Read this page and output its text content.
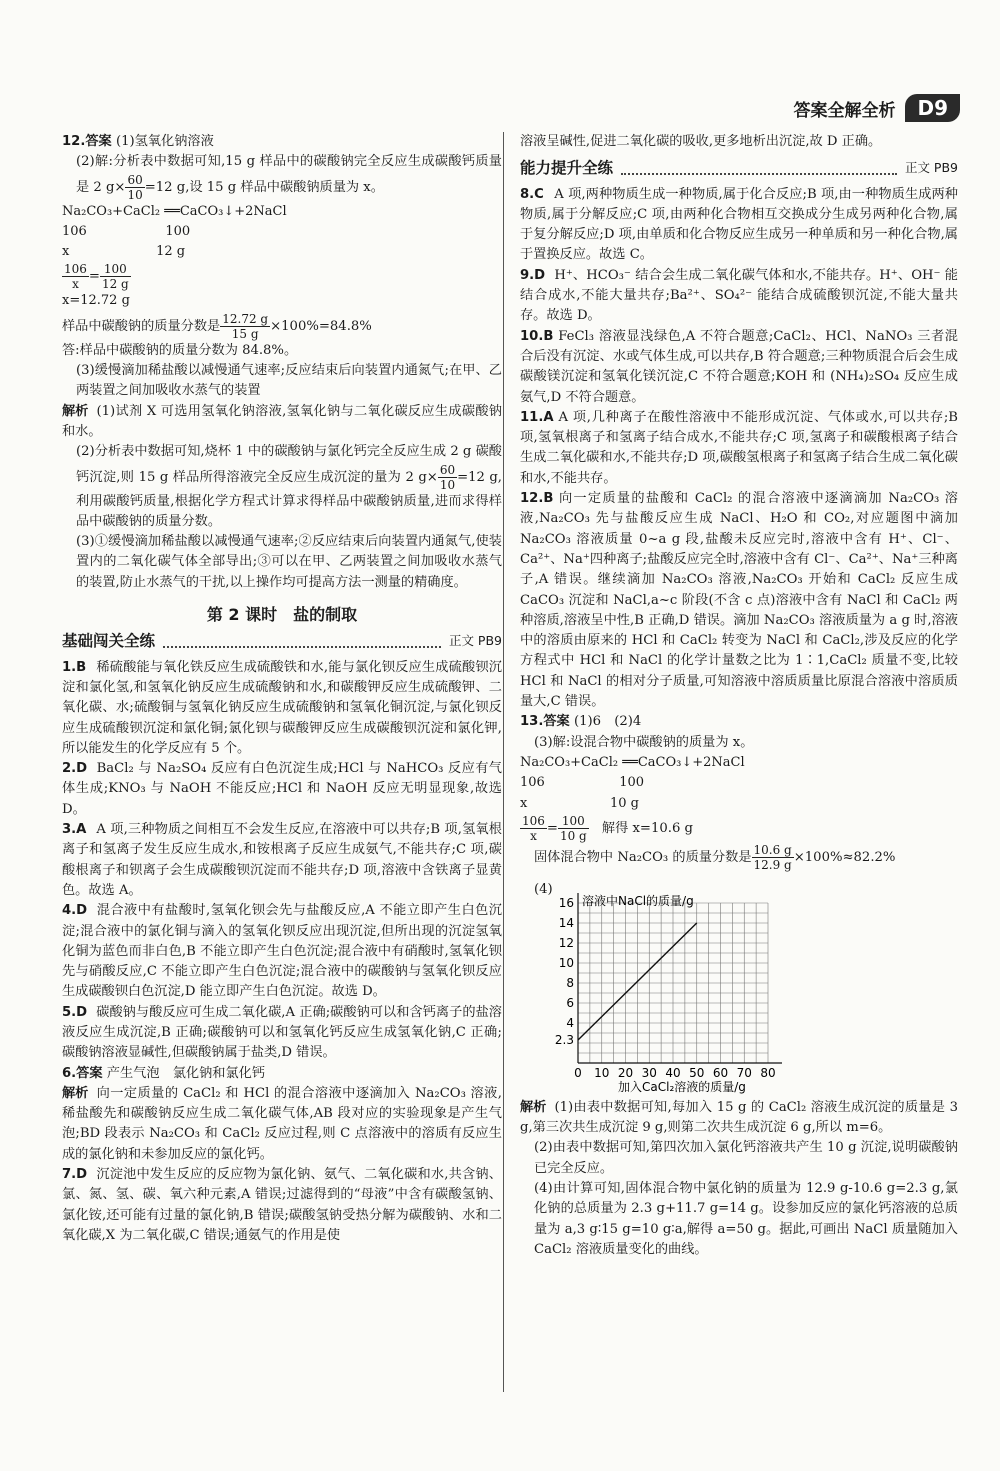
答案全解全析	D9

12.答案 (1)氢氧化钠溶液

(2)解:分析表中数据可知,15 g 样品中的碳酸钠完全反应生成碳酸钙质量是 2 $g\times \frac{60}{10} =12$ g,设 15 g 样品中碳酸钠质量为 x。

Na₂CO₃+CaCl₂ ══CaCO₃↓+2NaCl
106                   100
x                     12 g
$\frac{106}{x} = \frac{100}{12 g}$
x=12.72 g

样品中碳酸钠的质量分数是 $\frac{12.72 g}{15 g} \times 100\%=84.8\%$

答:样品中碳酸钠的质量分数为 84.8%。

(3)缓慢滴加稀盐酸以减慢通气速率;反应结束后向装置内通氮气;在甲、乙两装置之间加吸收水蒸气的装置

解析 (1)试剂 X 可选用氢氧化钠溶液,氢氧化钠与二氧化碳反应生成碳酸钠和水。

(2)分析表中数据可知,烧杯 1 中的碳酸钠与氯化钙完全反应生成 2 g 碳酸钙沉淀,则 15 g 样品所得溶液完全反应生成沉淀的量为 2 $g\times \frac{60}{10} =12$ g,利用碳酸钙质量,根据化学方程式计算求得样品中碳酸钠质量,进而求得样品中碳酸钠的质量分数。

(3)①缓慢滴加稀盐酸以减慢通气速率;②反应结束后向装置内通氮气,使装置内的二氧化碳气体全部导出;③可以在甲、乙两装置之间加吸收水蒸气的装置,防止水蒸气的干扰,以上操作均可提高方法一测量的精确度。

第 2 课时　盐的制取
基础闯关全练	正文 PB9

1.B 稀硫酸能与氧化铁反应生成硫酸铁和水,能与氯化钡反应生成硫酸钡沉淀和氯化氢,和氢氧化钠反应生成硫酸钠和水,和碳酸钾反应生成硫酸钾、二氧化碳、水;硫酸铜与氢氧化钠反应生成硫酸钠和氢氧化铜沉淀,与氯化钡反应生成硫酸钡沉淀和氯化铜;氯化钡与碳酸钾反应生成碳酸钡沉淀和氯化钾,所以能发生的化学反应有 5 个。

2.D BaCl₂ 与 Na₂SO₄ 反应有白色沉淀生成;HCl 与 NaHCO₃ 反应有气体生成;KNO₃ 与 NaOH 不能反应;HCl 和 NaOH 反应无明显现象,故选 D。

3.A A 项,三种物质之间相互不会发生反应,在溶液中可以共存;B 项,氢氧根离子和氢离子发生反应生成水,和铵根离子反应生成氨气,不能共存;C 项,碳酸根离子和钡离子会生成碳酸钡沉淀而不能共存;D 项,溶液中含铁离子显黄色。故选 A。

4.D 混合液中有盐酸时,氢氧化钡会先与盐酸反应,A 不能立即产生白色沉淀;混合液中的氯化铜与滴入的氢氧化钡反应出现沉淀,但所出现的沉淀氢氧化铜为蓝色而非白色,B 不能立即产生白色沉淀;混合液中有硝酸时,氢氧化钡先与硝酸反应,C 不能立即产生白色沉淀;混合液中的碳酸钠与氢氧化钡反应生成碳酸钡白色沉淀,D 能立即产生白色沉淀。故选 D。

5.D 碳酸钠与酸反应可生成二氧化碳,A 正确;碳酸钠可以和含钙离子的盐溶液反应生成沉淀,B 正确;碳酸钠可以和氢氧化钙反应生成氢氧化钠,C 正确;碳酸钠溶液显碱性,但碳酸钠属于盐类,D 错误。

6.答案 产生气泡　氯化钠和氯化钙

解析 向一定质量的 CaCl₂ 和 HCl 的混合溶液中逐滴加入 Na₂CO₃ 溶液,稀盐酸先和碳酸钠反应生成二氧化碳气体,AB 段对应的实验现象是产生气泡;BD 段表示 Na₂CO₃ 和 CaCl₂ 反应过程,则 C 点溶液中的溶质有反应生成的氯化钠和未参加反应的氯化钙。

7.D 沉淀池中发生反应的反应物为氯化钠、氨气、二氧化碳和水,共含钠、氯、氮、氢、碳、氧六种元素,A 错误;过滤得到的“母液”中含有碳酸氢钠、氯化铵,还可能有过量的氯化钠,B 错误;碳酸氢钠受热分解为碳酸钠、水和二氧化碳,X 为二氧化碳,C 错误;通氨气的作用是使

溶液呈碱性,促进二氧化碳的吸收,更多地析出沉淀,故 D 正确。

能力提升全练	正文 PB9

8.C A 项,两种物质生成一种物质,属于化合反应;B 项,由一种物质生成两种物质,属于分解反应;C 项,由两种化合物相互交换成分生成另两种化合物,属于复分解反应;D 项,由单质和化合物反应生成另一种单质和另一种化合物,属于置换反应。故选 C。

9.D H⁺、HCO₃⁻ 结合会生成二氧化碳气体和水,不能共存。H⁺、OH⁻ 能结合成水,不能大量共存;Ba²⁺、SO₄²⁻ 能结合成硫酸钡沉淀,不能大量共存。故选 D。

10.B FeCl₃ 溶液显浅绿色,A 不符合题意;CaCl₂、HCl、NaNO₃ 三者混合后没有沉淀、水或气体生成,可以共存,B 符合题意;三种物质混合后会生成碳酸镁沉淀和氢氧化镁沉淀,C 不符合题意;KOH 和 (NH₄)₂SO₄ 反应生成氨气,D 不符合题意。

11.A A 项,几种离子在酸性溶液中不能形成沉淀、气体或水,可以共存;B 项,氢氧根离子和氢离子结合成水,不能共存;C 项,氢离子和碳酸根离子结合生成二氧化碳和水,不能共存;D 项,碳酸氢根离子和氢离子结合生成二氧化碳和水,不能共存。

12.B 向一定质量的盐酸和 CaCl₂ 的混合溶液中逐滴滴加 Na₂CO₃ 溶液,Na₂CO₃ 先与盐酸反应生成 NaCl、H₂O 和 CO₂,对应题图中滴加 Na₂CO₃ 溶液质量 0~a g 段,盐酸未反应完时,溶液中含有 H⁺、Cl⁻、Ca²⁺、Na⁺四种离子;盐酸反应完全时,溶液中含有 Cl⁻、Ca²⁺、Na⁺三种离子,A 错误。继续滴加 Na₂CO₃ 溶液,Na₂CO₃ 开始和 CaCl₂ 反应生成 CaCO₃ 沉淀和 NaCl,a~c 阶段(不含 c 点)溶液中含有 NaCl 和 CaCl₂ 两种溶质,溶液呈中性,B 正确,D 错误。滴加 Na₂CO₃ 溶液质量为 a g 时,溶液中的溶质由原来的 HCl 和 CaCl₂ 转变为 NaCl 和 CaCl₂,涉及反应的化学方程式中 HCl 和 NaCl 的化学计量数之比为 1∶1,CaCl₂ 质量不变,比较 HCl 和 NaCl 的相对分子质量,可知溶液中溶质质量比原混合溶液中溶质质量大,C 错误。

13.答案 (1)6　(2)4

(3)解:设混合物中碳酸钠的质量为 x。

Na₂CO₃+CaCl₂ ══CaCO₃↓+2NaCl
106                  100
x                    10 g
$\frac{106}{x} = \frac{100}{10 g}$
　 解得 x=10.6 g

固体混合物中 Na₂CO₃ 的质量分数是 $\frac{10.6 g}{12.9 g} \times 100\%\approx 82.2\%$

(4)
0 10 20 30 40 50 60 70 80
2.3
4
6
8
10
12
14
16 溶液中NaCl的质量/g
加入CaCl₂溶液的质量/g

解析 (1)由表中数据可知,每加入 15 g 的 CaCl₂ 溶液生成沉淀的质量是 3 g,第三次共生成沉淀 9 g,则第二次共生成沉淀 6 g,所以 m=6。

(2)由表中数据可知,第四次加入氯化钙溶液共产生 10 g 沉淀,说明碳酸钠已完全反应。

(4)由计算可知,固体混合物中氯化钠的质量为 12.9 g-10.6 g=2.3 g,氯化钠的总质量为 2.3 g+11.7 g=14 g。设参加反应的氯化钙溶液的总质量为 a,3 g∶15 g=10 g∶a,解得 a=50 g。据此,可画出 NaCl 质量随加入 CaCl₂ 溶液质量变化的曲线。
